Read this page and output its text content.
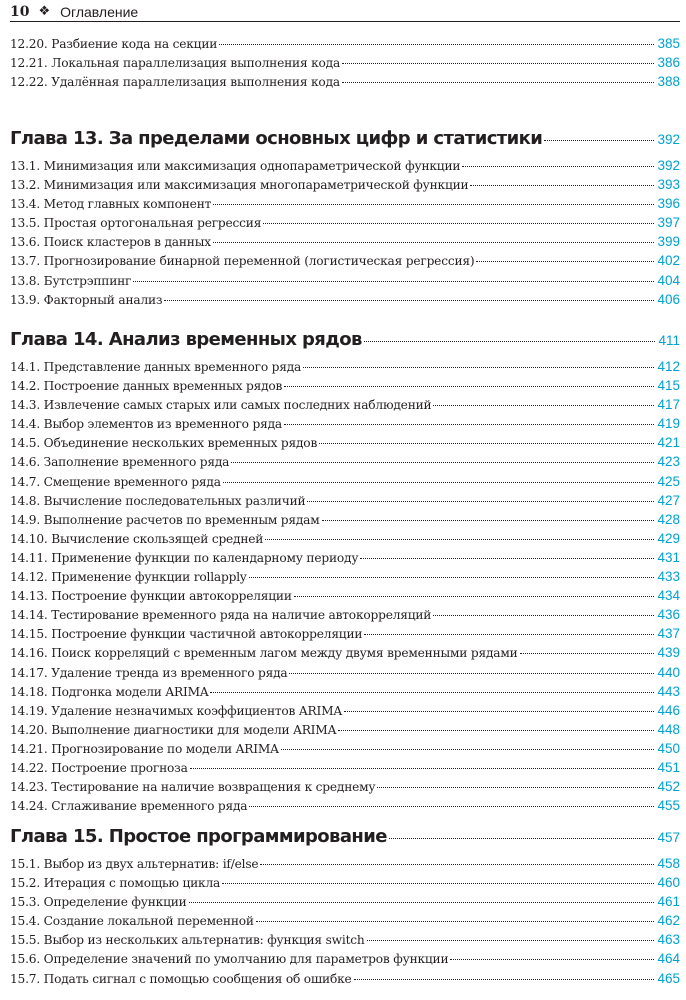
10 ❖ Оглавление
12.20. Разбиение кода на секции	385
12.21. Локальная параллелизация выполнения кода	386
12.22. Удалённая параллелизация выполнения кода	388
Глава 13. За пределами основных цифр и статистики	392
13.1. Минимизация или максимизация однопараметрической функции	392
13.2. Минимизация или максимизация многопараметрической функции	393
13.4. Метод главных компонент	396
13.5. Простая ортогональная регрессия	397
13.6. Поиск кластеров в данных	399
13.7. Прогнозирование бинарной переменной (логистическая регрессия)	402
13.8. Бутстрэппинг	404
13.9. Факторный анализ	406
Глава 14. Анализ временных рядов	411
14.1. Представление данных временного ряда	412
14.2. Построение данных временных рядов	415
14.3. Извлечение самых старых или самых последних наблюдений	417
14.4. Выбор элементов из временного ряда	419
14.5. Объединение нескольких временных рядов	421
14.6. Заполнение временного ряда	423
14.7. Смещение временного ряда	425
14.8. Вычисление последовательных различий	427
14.9. Выполнение расчетов по временным рядам	428
14.10. Вычисление скользящей средней	429
14.11. Применение функции по календарному периоду	431
14.12. Применение функции rollapply	433
14.13. Построение функции автокорреляции	434
14.14. Тестирование временного ряда на наличие автокорреляций	436
14.15. Построение функции частичной автокорреляции	437
14.16. Поиск корреляций с временным лагом между двумя временными рядами	439
14.17. Удаление тренда из временного ряда	440
14.18. Подгонка модели ARIMA	443
14.19. Удаление незначимых коэффициентов ARIMA	446
14.20. Выполнение диагностики для модели ARIMA	448
14.21. Прогнозирование по модели ARIMA	450
14.22. Построение прогноза	451
14.23. Тестирование на наличие возвращения к среднему	452
14.24. Сглаживание временного ряда	455
Глава 15. Простое программирование	457
15.1. Выбор из двух альтернатив: if/else	458
15.2. Итерация с помощью цикла	460
15.3. Определение функции	461
15.4. Создание локальной переменной	462
15.5. Выбор из нескольких альтернатив: функция switch	463
15.6. Определение значений по умолчанию для параметров функции	464
15.7. Подать сигнал с помощью сообщения об ошибке	465
